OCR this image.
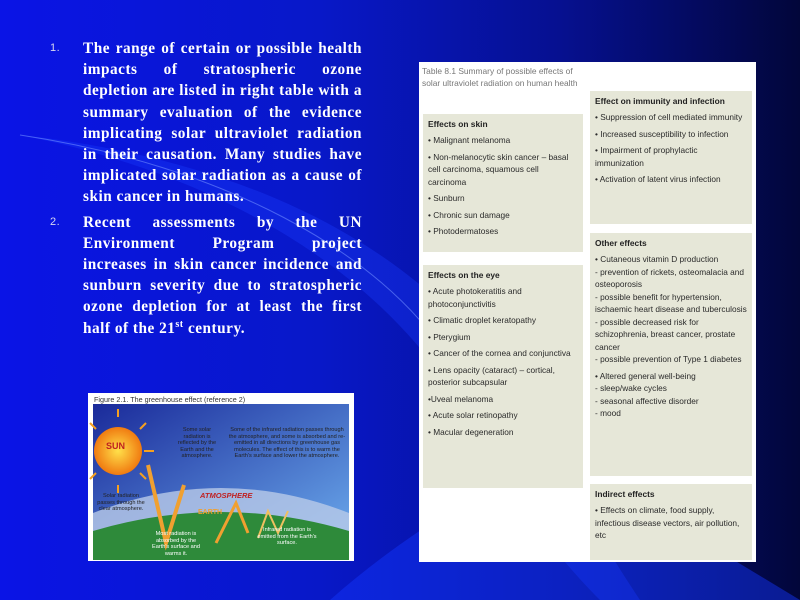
1. The range of certain or possible health impacts of stratospheric ozone depletion are listed in right table with a summary evaluation of the evidence implicating solar ultraviolet radiation in their causation. Many studies have implicated solar radiation as a cause of skin cancer in humans.
2. Recent assessments by the UN Environment Program project increases in skin cancer incidence and sunburn severity due to stratospheric ozone depletion for at least the first half of the 21st century.
Table 8.1 Summary of possible effects of solar ultraviolet radiation on human health
Effects on skin
• Malignant melanoma
• Non-melanocytic skin cancer – basal cell carcinoma, squamous cell carcinoma
• Sunburn
• Chronic sun damage
• Photodermatoses
Effects on the eye
• Acute photokeratitis and photoconjunctivitis
• Climatic droplet keratopathy
• Pterygium
• Cancer of the cornea and conjunctiva
• Lens opacity (cataract) – cortical, posterior subcapsular
•Uveal melanoma
• Acute solar retinopathy
• Macular degeneration
Effect on immunity and infection
• Suppression of cell mediated immunity
• Increased susceptibility to infection
• Impairment of prophylactic immunization
• Activation of latent virus infection
Other effects
• Cutaneous vitamin D production
- prevention of rickets, osteomalacia and osteoporosis
- possible benefit for hypertension, ischaemic heart disease and tuberculosis
- possible decreased risk for schizophrenia, breast cancer, prostate cancer
- possible prevention of Type 1 diabetes
• Altered general well-being
- sleep/wake cycles
- seasonal affective disorder
- mood
Indirect effects
• Effects on climate, food supply, infectious disease vectors, air pollution, etc
Figure 2.1. The greenhouse effect (reference 2)
SUN
ATMOSPHERE
EARTH
Some solar radiation is reflected by the Earth and the atmosphere.
Some of the infrared radiation passes through the atmosphere, and some is absorbed and re-emitted in all directions by greenhouse gas molecules. The effect of this is to warm the Earth's surface and lower the atmosphere.
Solar radiation passes through the clear atmosphere.
Most radiation is absorbed by the Earth's surface and warms it.
Infrared radiation is emitted from the Earth's surface.
